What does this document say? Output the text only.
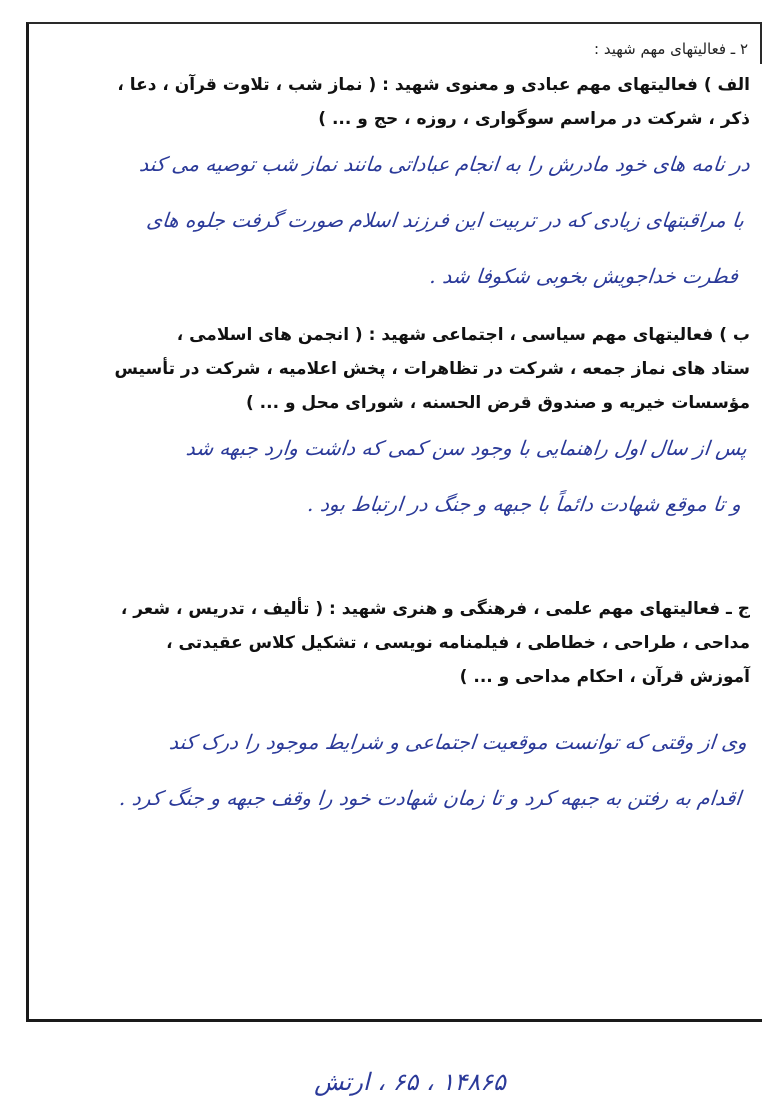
۲ ـ فعالیتهای مهم شهید :

الف ) فعالیتهای مهم عبادی و معنوی شهید : ( نماز شب ، تلاوت قرآن ، دعا ،

ذکر ، شرکت در مراسم سوگواری ، روزه ، حج و ... )

در نامه های خود مادرش را به انجام عباداتی مانند نماز شب توصیه می کند
با مراقبتهای زیادی که در تربیت این فرزند اسلام صورت گرفت جلوه های
فطرت خداجویش بخوبی شکوفا شد .

ب ) فعالیتهای مهم سیاسی ، اجتماعی شهید : ( انجمن های اسلامی ،

ستاد های نماز جمعه ، شرکت در تظاهرات ، پخش اعلامیه ، شرکت در تأسیس

مؤسسات خیریه و صندوق قرض الحسنه ، شورای محل و ... )

پس از سال اول راهنمایی با وجود سن کمی که داشت وارد جبهه شد
و تا موقع شهادت دائماً با جبهه و جنگ در ارتباط بود .

ج ـ فعالیتهای مهم علمی ، فرهنگی و هنری شهید : ( تألیف ، تدریس ، شعر ،

مداحی ، طراحی ، خطاطی ، فیلمنامه نویسی ، تشکیل کلاس عقیدتی ،

آموزش قرآن ، احکام مداحی و ... )

وی از وقتی که توانست موقعیت اجتماعی و شرایط موجود را درک کند
اقدام به رفتن به جبهه کرد و تا زمان شهادت خود را وقف جبهه و جنگ کرد .
۱۴۸۶۵ ، ۶۵ ، ارتش
